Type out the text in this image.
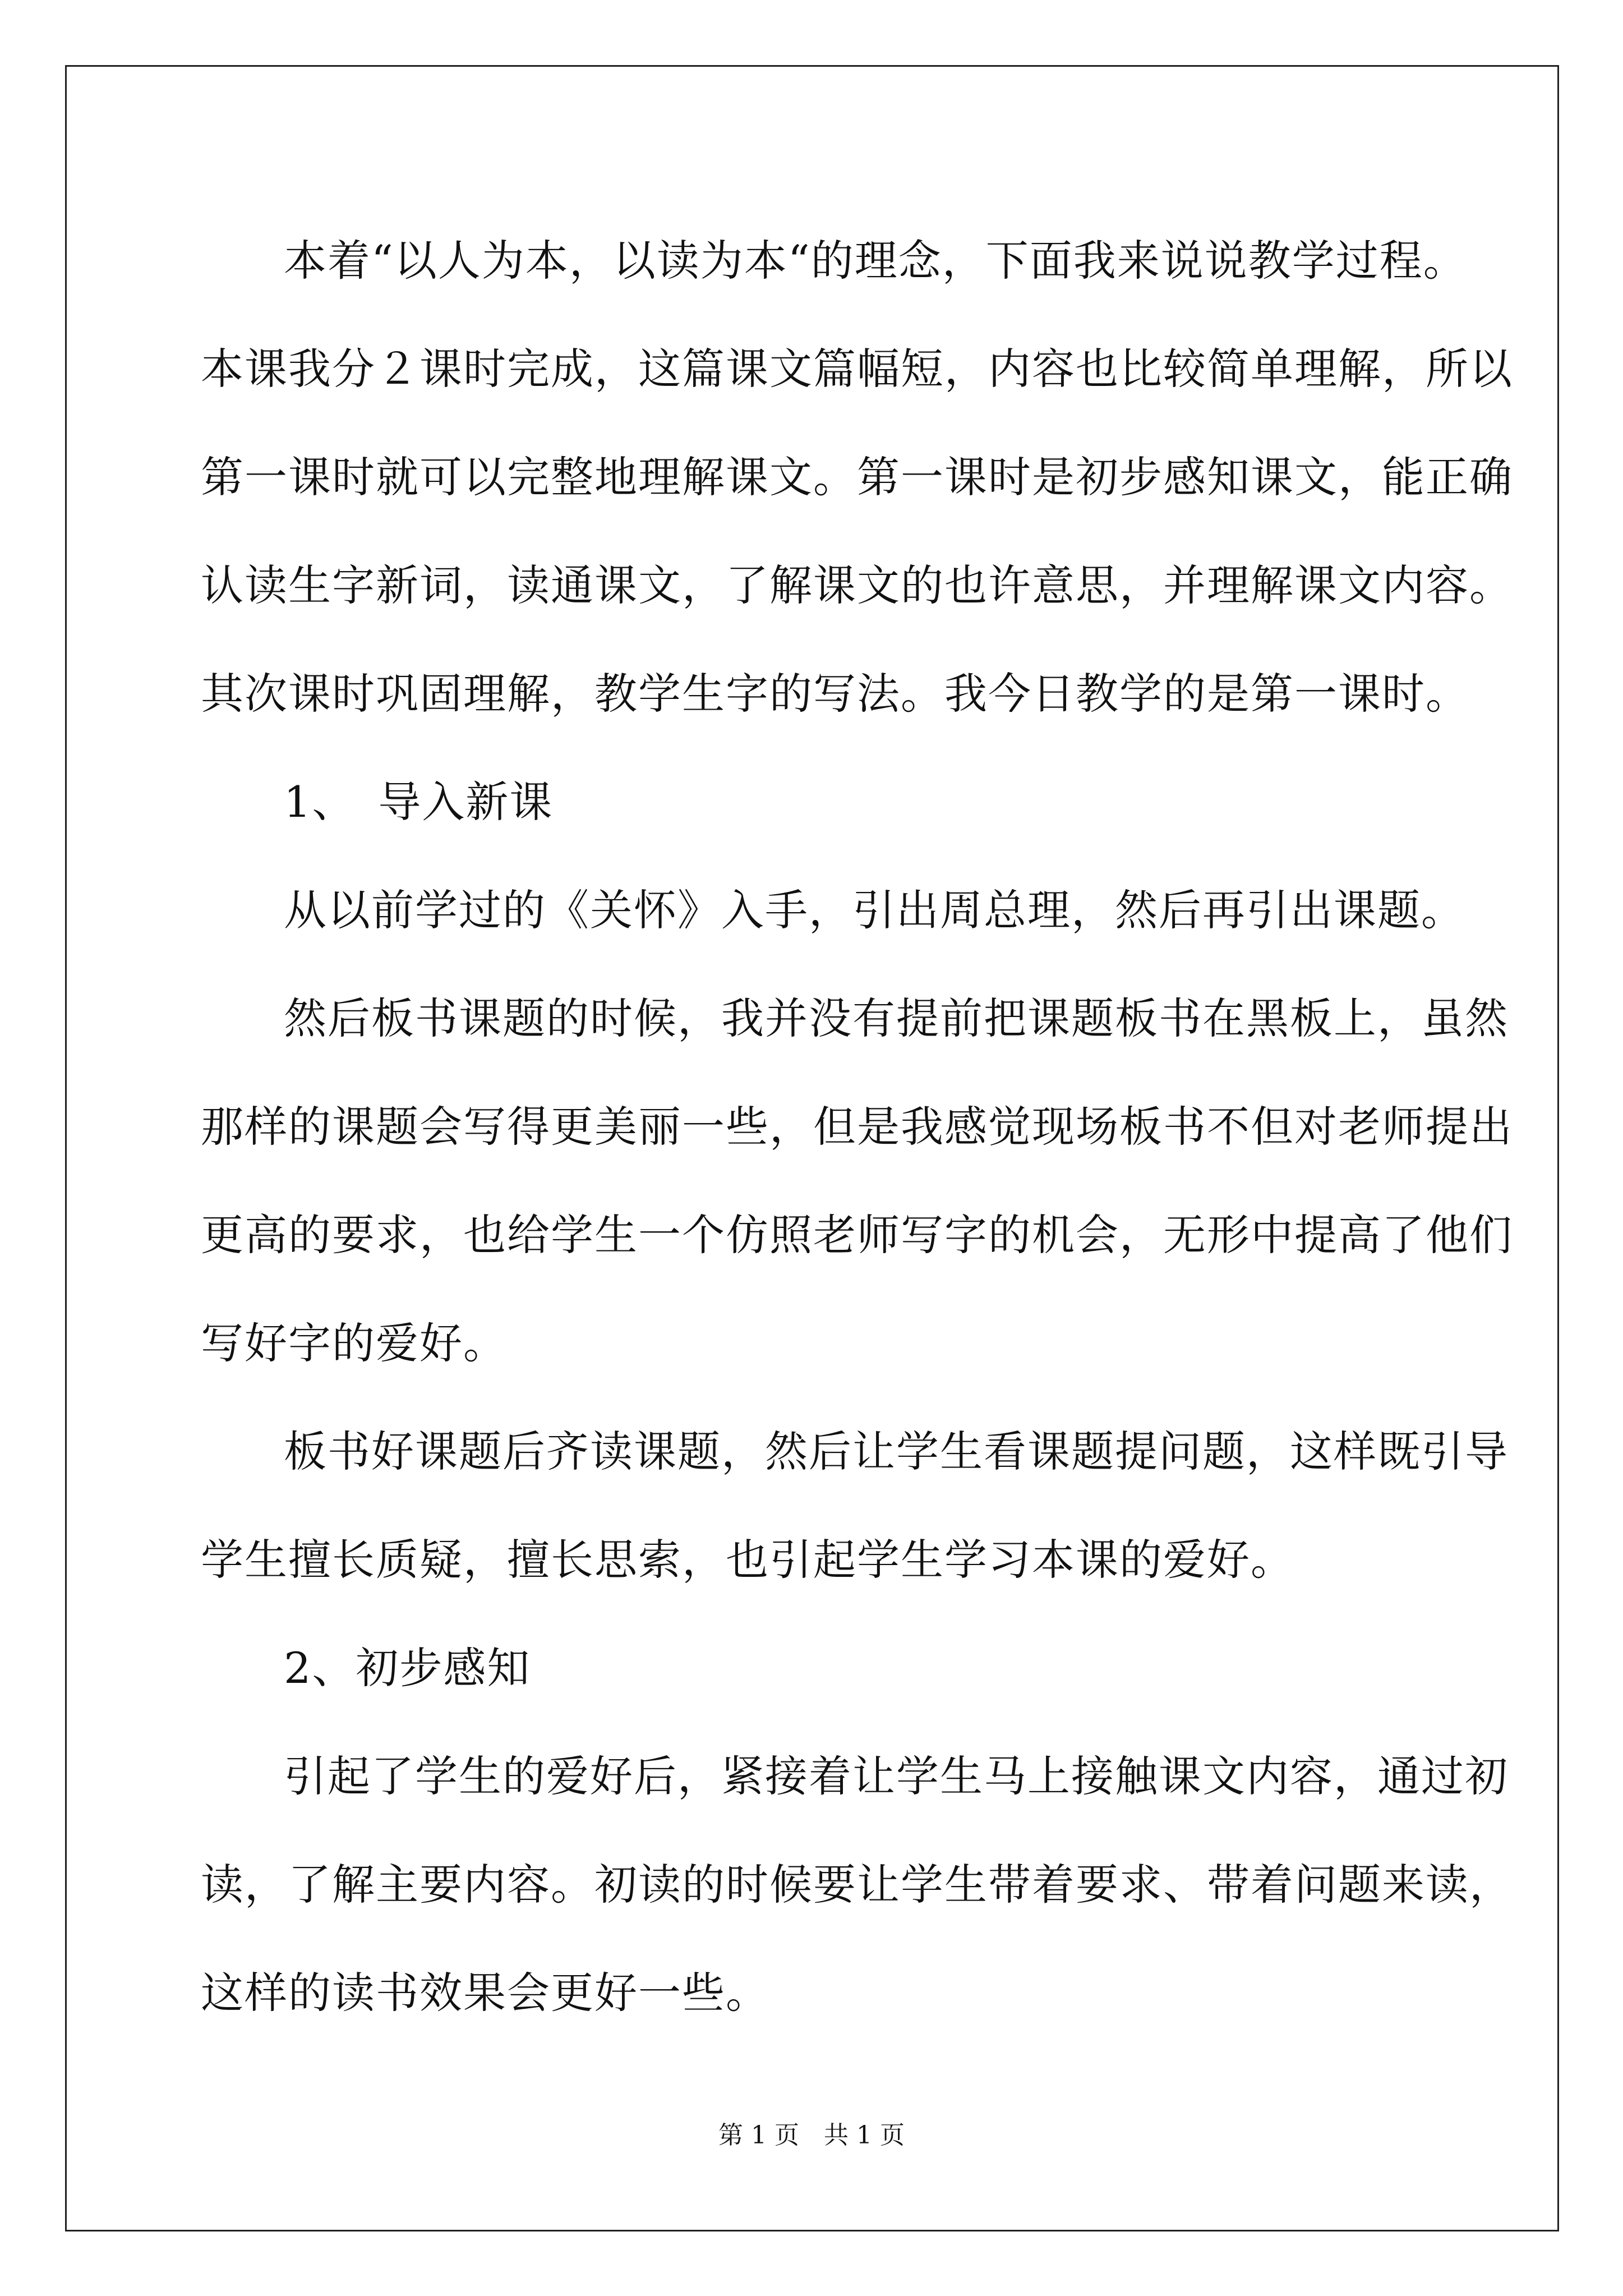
本着“以人为本，以读为本“的理念，下面我来说说教学过程。
本课我分２课时完成，这篇课文篇幅短，内容也比较简单理解，所以
第一课时就可以完整地理解课文。第一课时是初步感知课文，能正确
认读生字新词，读通课文，了解课文的也许意思，并理解课文内容。
其次课时巩固理解，教学生字的写法。我今日教学的是第一课时。
1、　导入新课
从以前学过的《关怀》入手，引出周总理，然后再引出课题。
然后板书课题的时候，我并没有提前把课题板书在黑板上，虽然
那样的课题会写得更美丽一些，但是我感觉现场板书不但对老师提出
更高的要求，也给学生一个仿照老师写字的机会，无形中提高了他们
写好字的爱好。
板书好课题后齐读课题，然后让学生看课题提问题，这样既引导
学生擅长质疑，擅长思索，也引起学生学习本课的爱好。
2、初步感知
引起了学生的爱好后，紧接着让学生马上接触课文内容，通过初
读，了解主要内容。初读的时候要让学生带着要求、带着问题来读，
这样的读书效果会更好一些。
第 1 页　共 1 页
